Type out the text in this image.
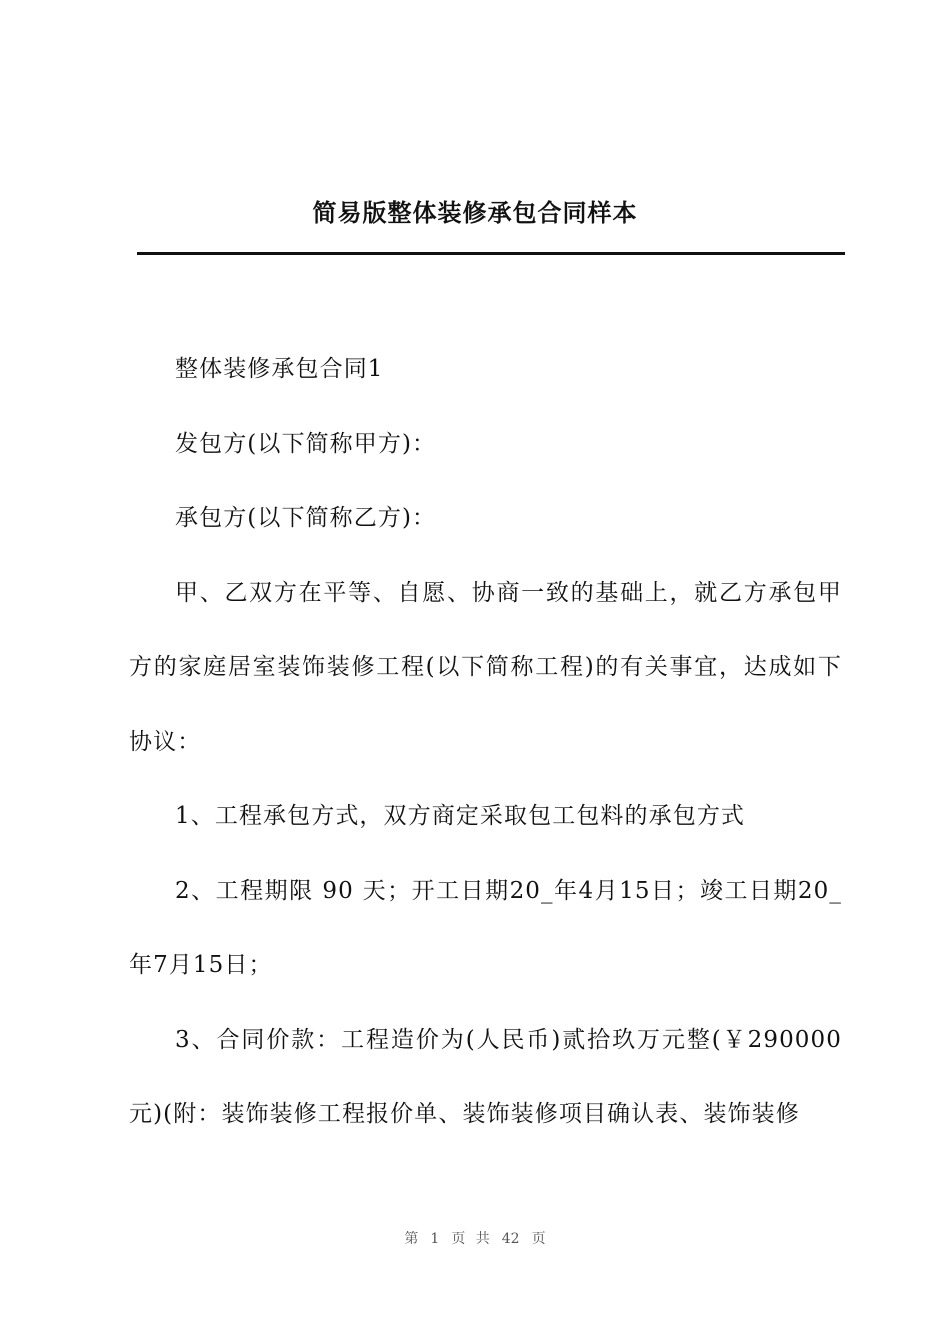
简易版整体装修承包合同样本

整体装修承包合同1

发包方(以下简称甲方)：

承包方(以下简称乙方)：

甲、乙双方在平等、自愿、协商一致的基础上，就乙方承包甲方的家庭居室装饰装修工程(以下简称工程)的有关事宜，达成如下协议：

1、工程承包方式，双方商定采取包工包料的承包方式

2、工程期限 90 天；开工日期20_年4月15日；竣工日期20_年7月15日；

3、合同价款：工程造价为(人民币)贰拾玖万元整(￥290000元)(附：装饰装修工程报价单、装饰装修项目确认表、装饰装修

第 1 页 共 42 页
